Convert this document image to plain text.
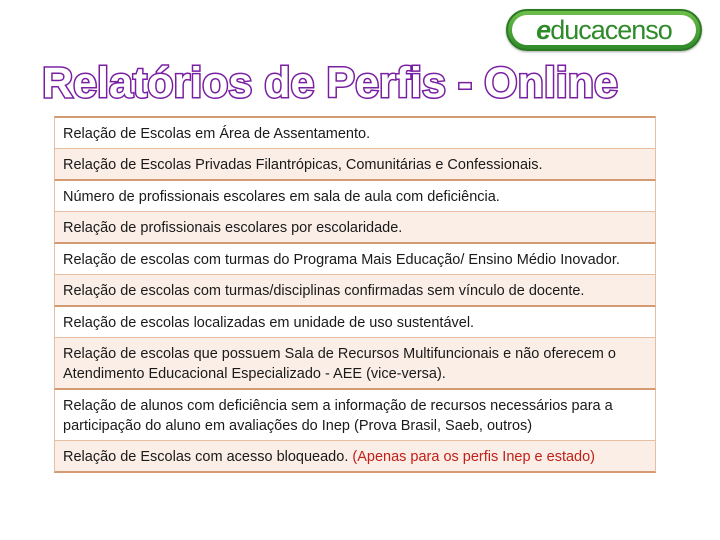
e ducacenso
Relatórios de Perfis - Online
Relação de Escolas em Área de Assentamento.
Relação de Escolas Privadas Filantrópicas, Comunitárias e Confessionais.
Número de profissionais escolares em sala de aula com deficiência.
Relação de profissionais escolares por escolaridade.
Relação de escolas com turmas do Programa Mais Educação/ Ensino Médio Inovador.
Relação de escolas com turmas/disciplinas confirmadas sem vínculo de docente.
Relação de escolas localizadas em unidade de uso sustentável.
Relação de escolas que possuem Sala de Recursos Multifuncionais e não oferecem o Atendimento Educacional Especializado - AEE (vice-versa).
Relação de alunos com deficiência sem a informação de recursos necessários para a participação do aluno em avaliações do Inep (Prova Brasil, Saeb, outros)
Relação de Escolas com acesso bloqueado. (Apenas para os perfis Inep e estado)
